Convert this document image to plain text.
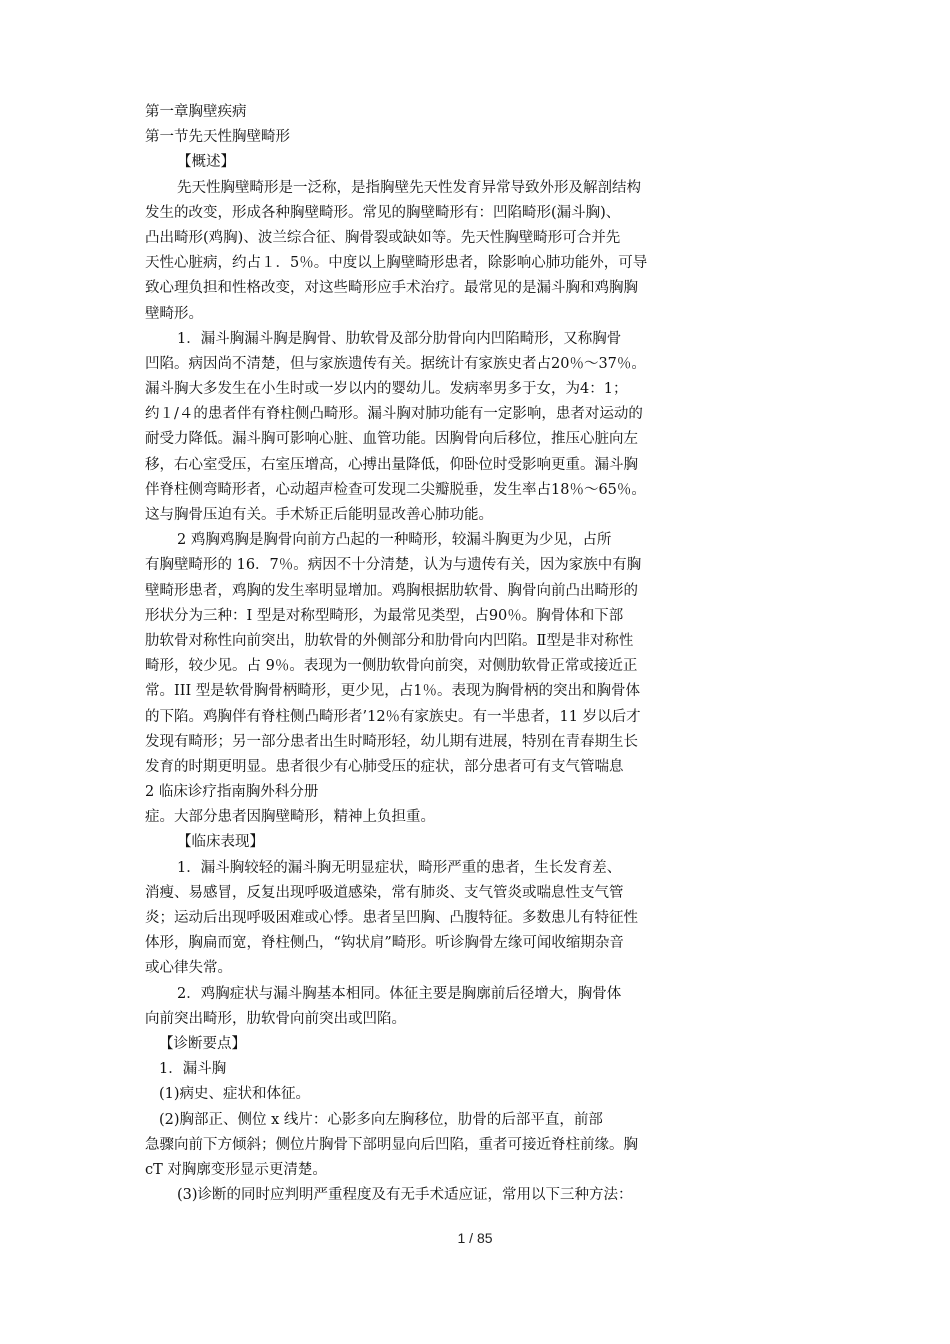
第一章胸壁疾病
第一节先天性胸壁畸形
【概述】
先天性胸壁畸形是一泛称，是指胸壁先天性发育异常导致外形及解剖结构
发生的改变，形成各种胸壁畸形。常见的胸壁畸形有：凹陷畸形(漏斗胸)、
凸出畸形(鸡胸)、波兰综合征、胸骨裂或缺如等。先天性胸壁畸形可合并先
天性心脏病，约占１．5％。中度以上胸壁畸形患者，除影响心肺功能外，可导
致心理负担和性格改变，对这些畸形应手术治疗。最常见的是漏斗胸和鸡胸胸
壁畸形。
1．漏斗胸漏斗胸是胸骨、肋软骨及部分肋骨向内凹陷畸形，又称胸骨
凹陷。病因尚不清楚，但与家族遗传有关。据统计有家族史者占20％～37％。
漏斗胸大多发生在小生时或一岁以内的婴幼儿。发病率男多于女，为4：1；
约１/４的患者伴有脊柱侧凸畸形。漏斗胸对肺功能有一定影响，患者对运动的
耐受力降低。漏斗胸可影响心脏、血管功能。因胸骨向后移位，推压心脏向左
移，右心室受压，右室压增高，心搏出量降低，仰卧位时受影响更重。漏斗胸
伴脊柱侧弯畸形者，心动超声检查可发现二尖瓣脱垂，发生率占18％～65％。
这与胸骨压迫有关。手术矫正后能明显改善心肺功能。
2 鸡胸鸡胸是胸骨向前方凸起的一种畸形，较漏斗胸更为少见，占所
有胸壁畸形的 16．7％。病因不十分清楚，认为与遗传有关，因为家族中有胸
壁畸形患者，鸡胸的发生率明显增加。鸡胸根据肋软骨、胸骨向前凸出畸形的
形状分为三种：I 型是对称型畸形，为最常见类型，占90％。胸骨体和下部
肋软骨对称性向前突出，肋软骨的外侧部分和肋骨向内凹陷。Ⅱ型是非对称性
畸形，较少见。占 9％。表现为一侧肋软骨向前突，对侧肋软骨正常或接近正
常。III 型是软骨胸骨柄畸形，更少见，占1％。表现为胸骨柄的突出和胸骨体
的下陷。鸡胸伴有脊柱侧凸畸形者’12％有家族史。有一半患者，11 岁以后才
发现有畸形；另一部分患者出生时畸形轻，幼儿期有进展，特别在青春期生长
发育的时期更明显。患者很少有心肺受压的症状，部分患者可有支气管喘息
2 临床诊疗指南胸外科分册
症。大部分患者因胸壁畸形，精神上负担重。
【临床表现】
1．漏斗胸较轻的漏斗胸无明显症状，畸形严重的患者，生长发育差、
消瘦、易感冒，反复出现呼吸道感染，常有肺炎、支气管炎或喘息性支气管
炎；运动后出现呼吸困难或心悸。患者呈凹胸、凸腹特征。多数患儿有特征性
体形，胸扁而宽，脊柱侧凸，“钩状肩”畸形。听诊胸骨左缘可闻收缩期杂音
或心律失常。
2．鸡胸症状与漏斗胸基本相同。体征主要是胸廓前后径增大，胸骨体
向前突出畸形，肋软骨向前突出或凹陷。
【诊断要点】
1．漏斗胸
(1)病史、症状和体征。
(2)胸部正、侧位 x 线片：心影多向左胸移位，肋骨的后部平直，前部
急骤向前下方倾斜；侧位片胸骨下部明显向后凹陷，重者可接近脊柱前缘。胸
cT 对胸廓变形显示更清楚。
(3)诊断的同时应判明严重程度及有无手术适应证，常用以下三种方法：
1 / 85
